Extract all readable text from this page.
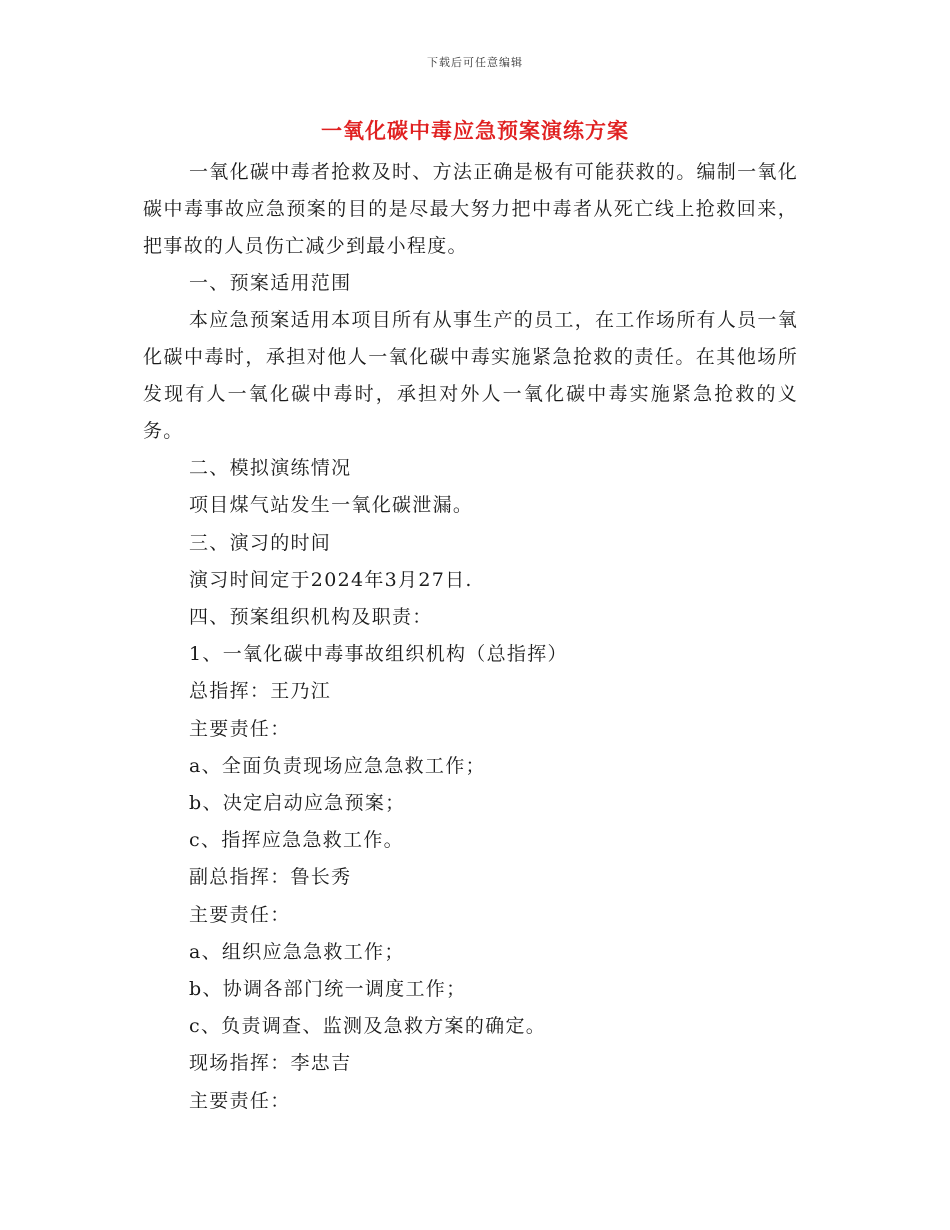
下载后可任意编辑
一氧化碳中毒应急预案演练方案

一氧化碳中毒者抢救及时、方法正确是极有可能获救的。编制一氧化碳中毒事故应急预案的目的是尽最大努力把中毒者从死亡线上抢救回来，把事故的人员伤亡减少到最小程度。

一、预案适用范围

本应急预案适用本项目所有从事生产的员工，在工作场所有人员一氧化碳中毒时，承担对他人一氧化碳中毒实施紧急抢救的责任。在其他场所发现有人一氧化碳中毒时，承担对外人一氧化碳中毒实施紧急抢救的义务。

二、模拟演练情况

项目煤气站发生一氧化碳泄漏。

三、演习的时间

演习时间定于2024年3月27日.

四、预案组织机构及职责：

1、一氧化碳中毒事故组织机构（总指挥）

总指挥：王乃江

主要责任：

a、全面负责现场应急急救工作；

b、决定启动应急预案；

c、指挥应急急救工作。

副总指挥：鲁长秀

主要责任：

a、组织应急急救工作；

b、协调各部门统一调度工作；

c、负责调查、监测及急救方案的确定。

现场指挥：李忠吉

主要责任：
